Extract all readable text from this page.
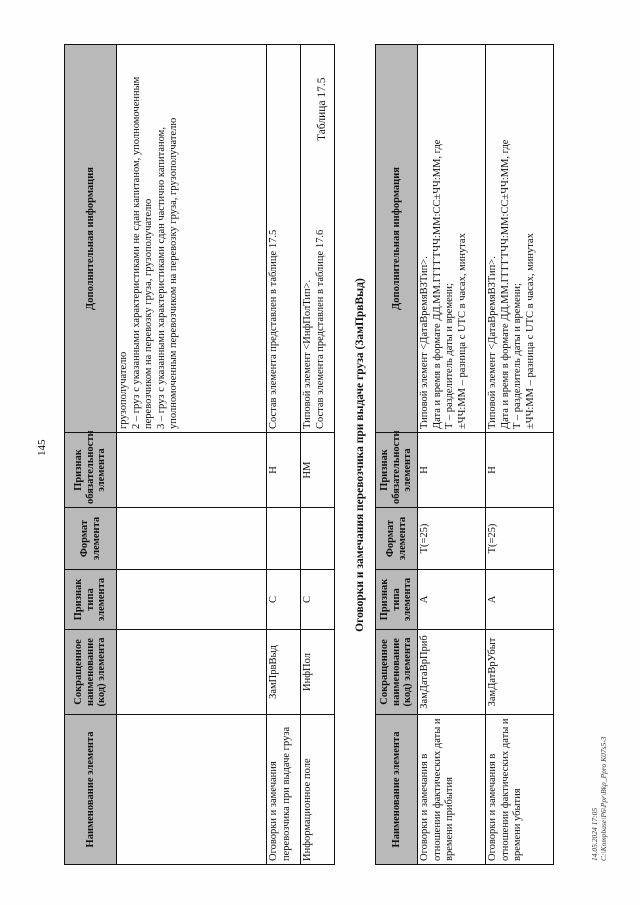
145
Наименование элемента	Сокращенное наименование (код) элемента	Признак типа элемента	Формат элемента	Признак обязательности элемента	Дополнительная информация

					грузополучателю 2 – груз с указанными характеристиками не сдан капитаном, уполномоченным перевозчиком на перевозку груза, грузополучателю 3 – груз с указанными характеристиками сдан частично капитаном, уполномоченным перевозчиком на перевозку груза, грузополучателю

Оговорки и замечания перевозчика при выдаче груза	ЗамПрвВыд	С		Н	Состав элемента представлен в таблице 17.5

Информационное поле	ИнфПол	С		НМ	Типовой элемент <ИнфПолТип>. Состав элемента представлен в таблице 17.6
Таблица 17.5
Оговорки и замечания перевозчика при выдаче груза (ЗамПрвВыд)
Наименование элемента	Сокращенное наименование (код) элемента	Признак типа элемента	Формат элемента	Признак обязательности элемента	Дополнительная информация
Оговорки и замечания в отношении фактических даты и времени прибытия	ЗамДатаВрПриб	А	T(=25)	Н	Типовой элемент <ДатаВремяВЗТип>. Дата и время в формате ДД.ММ.ГГГГТЧЧ:ММ:СС±ЧЧ:ММ, где T – разделитель даты и времени; ±ЧЧ:ММ – разница с UTC в часах, минутах

Оговорки и замечания в отношении фактических даты и времени убытия	ЗамДатВрУбыт	А	T(=25)	Н	Типовой элемент <ДатаВремяВЗТип>. Дата и время в формате ДД.ММ.ГГГГТЧЧ:ММ:СС±ЧЧ:ММ, где T – разделитель даты и времени; ±ЧЧ:ММ – разница с UTC в часах, минутах
14.05.2024 17:05 C:\Kompbase\P6\Ppr\Bkp_Ppro K07s5-3
